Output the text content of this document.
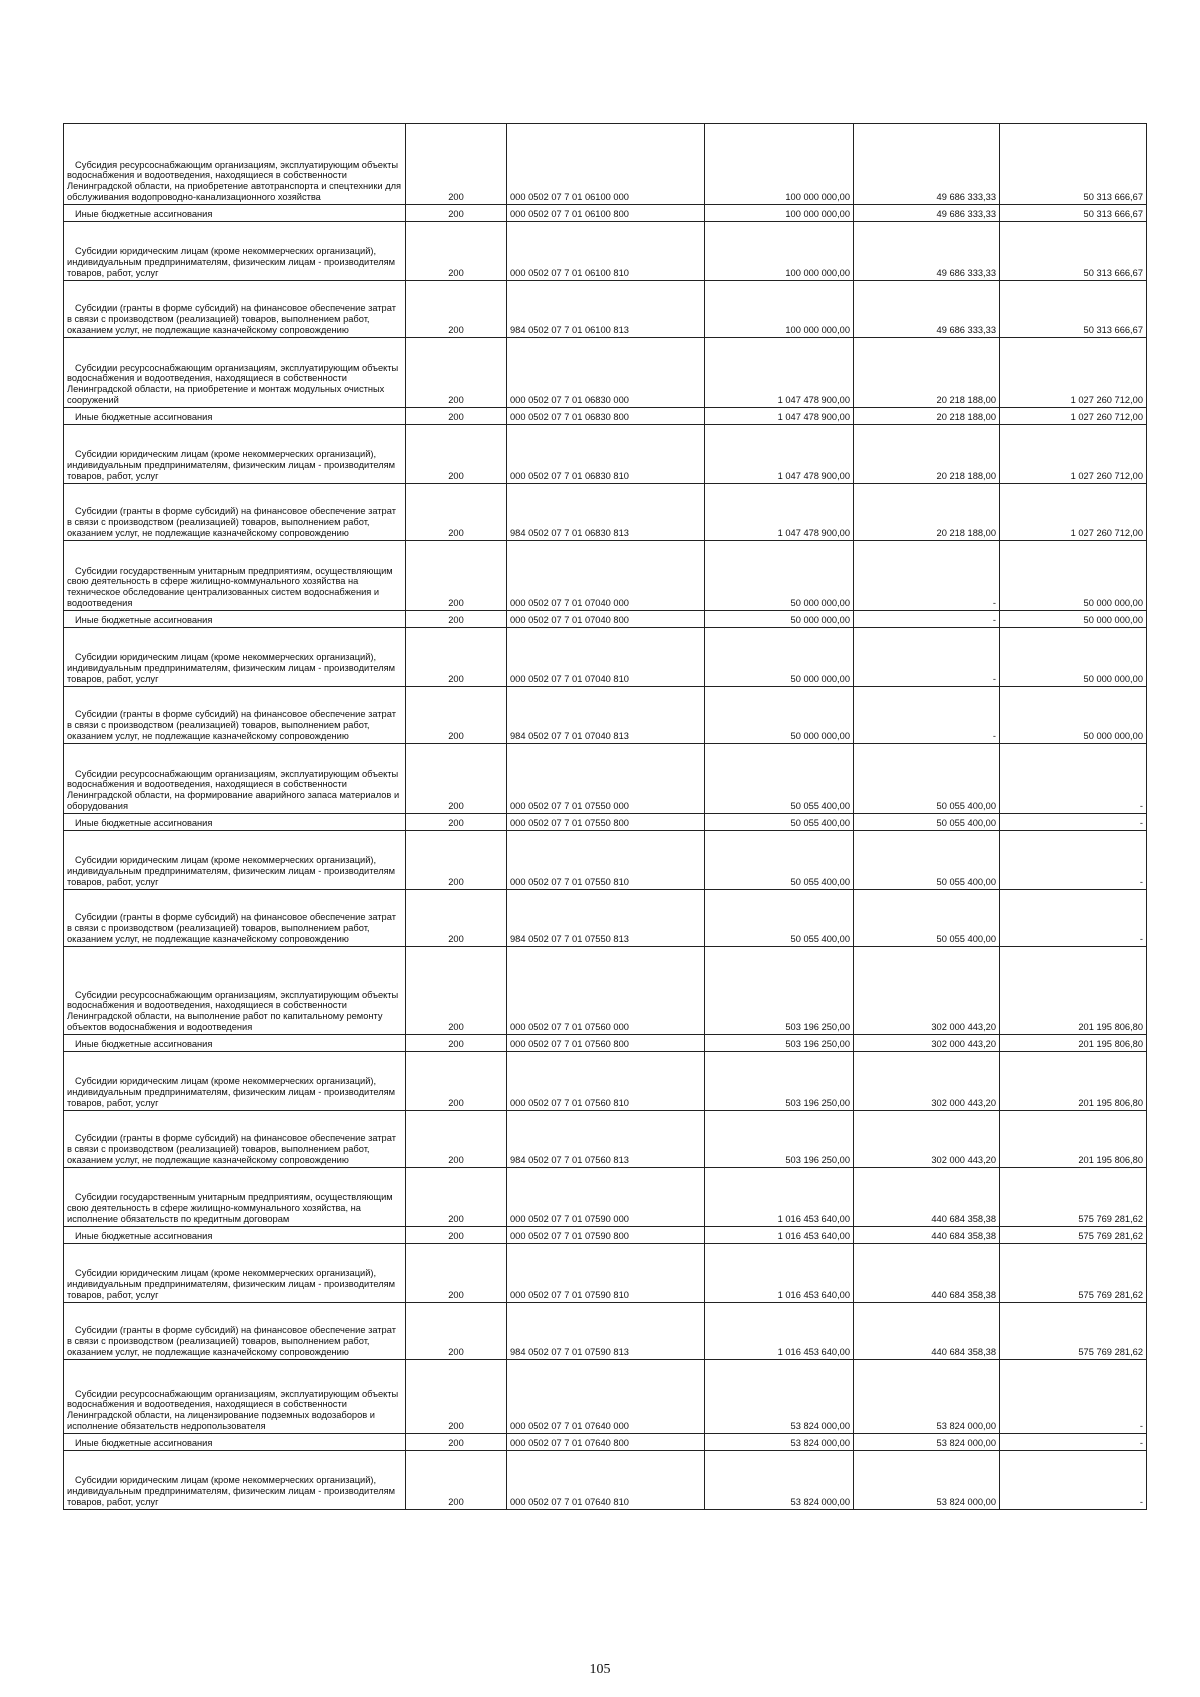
Субсидия ресурсоснабжающим организациям, эксплуатирующим объекты водоснабжения и водоотведения, находящиеся в собственности Ленинградской области, на приобретение автотранспорта и спецтехники для обслуживания водопроводно-канализационного хозяйства	200	000 0502 07 7 01 06100 000	100 000 000,00	49 686 333,33	50 313 666,67
Иные бюджетные ассигнования	200	000 0502 07 7 01 06100 800	100 000 000,00	49 686 333,33	50 313 666,67
Субсидии юридическим лицам (кроме некоммерческих организаций), индивидуальным предпринимателям, физическим лицам - производителям товаров, работ, услуг	200	000 0502 07 7 01 06100 810	100 000 000,00	49 686 333,33	50 313 666,67
Субсидии (гранты в форме субсидий) на финансовое обеспечение затрат в связи с производством (реализацией) товаров, выполнением работ, оказанием услуг, не подлежащие казначейскому сопровождению	200	984 0502 07 7 01 06100 813	100 000 000,00	49 686 333,33	50 313 666,67
Субсидии ресурсоснабжающим организациям, эксплуатирующим объекты водоснабжения и водоотведения, находящиеся в собственности Ленинградской области, на приобретение и монтаж модульных очистных сооружений	200	000 0502 07 7 01 06830 000	1 047 478 900,00	20 218 188,00	1 027 260 712,00
Иные бюджетные ассигнования	200	000 0502 07 7 01 06830 800	1 047 478 900,00	20 218 188,00	1 027 260 712,00
Субсидии юридическим лицам (кроме некоммерческих организаций), индивидуальным предпринимателям, физическим лицам - производителям товаров, работ, услуг	200	000 0502 07 7 01 06830 810	1 047 478 900,00	20 218 188,00	1 027 260 712,00
Субсидии (гранты в форме субсидий) на финансовое обеспечение затрат в связи с производством (реализацией) товаров, выполнением работ, оказанием услуг, не подлежащие казначейскому сопровождению	200	984 0502 07 7 01 06830 813	1 047 478 900,00	20 218 188,00	1 027 260 712,00
Субсидии государственным унитарным предприятиям, осуществляющим свою деятельность в сфере жилищно-коммунального хозяйства на техническое обследование централизованных систем водоснабжения и водоотведения	200	000 0502 07 7 01 07040 000	50 000 000,00	-	50 000 000,00
Иные бюджетные ассигнования	200	000 0502 07 7 01 07040 800	50 000 000,00	-	50 000 000,00
Субсидии юридическим лицам (кроме некоммерческих организаций), индивидуальным предпринимателям, физическим лицам - производителям товаров, работ, услуг	200	000 0502 07 7 01 07040 810	50 000 000,00	-	50 000 000,00
Субсидии (гранты в форме субсидий) на финансовое обеспечение затрат в связи с производством (реализацией) товаров, выполнением работ, оказанием услуг, не подлежащие казначейскому сопровождению	200	984 0502 07 7 01 07040 813	50 000 000,00	-	50 000 000,00
Субсидии ресурсоснабжающим организациям, эксплуатирующим объекты водоснабжения и водоотведения, находящиеся в собственности Ленинградской области, на формирование аварийного запаса материалов и оборудования	200	000 0502 07 7 01 07550 000	50 055 400,00	50 055 400,00	-
Иные бюджетные ассигнования	200	000 0502 07 7 01 07550 800	50 055 400,00	50 055 400,00	-
Субсидии юридическим лицам (кроме некоммерческих организаций), индивидуальным предпринимателям, физическим лицам - производителям товаров, работ, услуг	200	000 0502 07 7 01 07550 810	50 055 400,00	50 055 400,00	-
Субсидии (гранты в форме субсидий) на финансовое обеспечение затрат в связи с производством (реализацией) товаров, выполнением работ, оказанием услуг, не подлежащие казначейскому сопровождению	200	984 0502 07 7 01 07550 813	50 055 400,00	50 055 400,00	-
Субсидии ресурсоснабжающим организациям, эксплуатирующим объекты водоснабжения и водоотведения, находящиеся в собственности Ленинградской области, на выполнение работ по капитальному ремонту объектов водоснабжения и водоотведения	200	000 0502 07 7 01 07560 000	503 196 250,00	302 000 443,20	201 195 806,80
Иные бюджетные ассигнования	200	000 0502 07 7 01 07560 800	503 196 250,00	302 000 443,20	201 195 806,80
Субсидии юридическим лицам (кроме некоммерческих организаций), индивидуальным предпринимателям, физическим лицам - производителям товаров, работ, услуг	200	000 0502 07 7 01 07560 810	503 196 250,00	302 000 443,20	201 195 806,80
Субсидии (гранты в форме субсидий) на финансовое обеспечение затрат в связи с производством (реализацией) товаров, выполнением работ, оказанием услуг, не подлежащие казначейскому сопровождению	200	984 0502 07 7 01 07560 813	503 196 250,00	302 000 443,20	201 195 806,80
Субсидии государственным унитарным предприятиям, осуществляющим свою деятельность в сфере жилищно-коммунального хозяйства, на исполнение обязательств по кредитным договорам	200	000 0502 07 7 01 07590 000	1 016 453 640,00	440 684 358,38	575 769 281,62
Иные бюджетные ассигнования	200	000 0502 07 7 01 07590 800	1 016 453 640,00	440 684 358,38	575 769 281,62
Субсидии юридическим лицам (кроме некоммерческих организаций), индивидуальным предпринимателям, физическим лицам - производителям товаров, работ, услуг	200	000 0502 07 7 01 07590 810	1 016 453 640,00	440 684 358,38	575 769 281,62
Субсидии (гранты в форме субсидий) на финансовое обеспечение затрат в связи с производством (реализацией) товаров, выполнением работ, оказанием услуг, не подлежащие казначейскому сопровождению	200	984 0502 07 7 01 07590 813	1 016 453 640,00	440 684 358,38	575 769 281,62
Субсидии ресурсоснабжающим организациям, эксплуатирующим объекты водоснабжения и водоотведения, находящиеся в собственности Ленинградской области, на лицензирование подземных водозаборов и исполнение обязательств недропользователя	200	000 0502 07 7 01 07640 000	53 824 000,00	53 824 000,00	-
Иные бюджетные ассигнования	200	000 0502 07 7 01 07640 800	53 824 000,00	53 824 000,00	-
Субсидии юридическим лицам (кроме некоммерческих организаций), индивидуальным предпринимателям, физическим лицам - производителям товаров, работ, услуг	200	000 0502 07 7 01 07640 810	53 824 000,00	53 824 000,00	-
105
